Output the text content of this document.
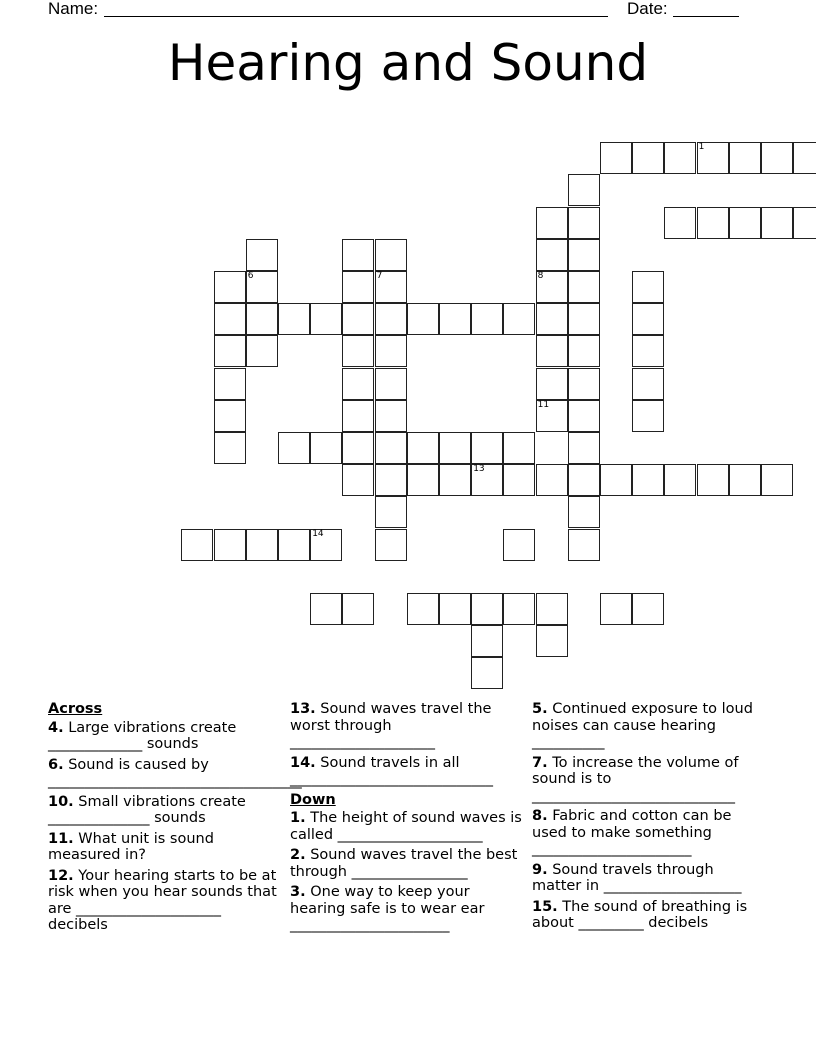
Name:	Date:
Hearing and Sound
1
8
11
6	7
13
14
Across
4. Large vibrations create _____________ sounds
6. Sound is caused by ___________________________________
10. Small vibrations create ______________ sounds
11. What unit is sound measured in?
12. Your hearing starts to be at risk when you hear sounds that are ____________________ decibels
13. Sound waves travel the worst through ____________________
14. Sound travels in all ____________________________
Down
1. The height of sound waves is called ____________________
2. Sound waves travel the best through ________________
3. One way to keep your hearing safe is to wear ear ______________________
5. Continued exposure to loud noises can cause hearing __________
7. To increase the volume of sound is to ____________________________
8. Fabric and cotton can be used to make something ______________________
9. Sound travels through matter in ___________________
15. The sound of breathing is about _________ decibels
